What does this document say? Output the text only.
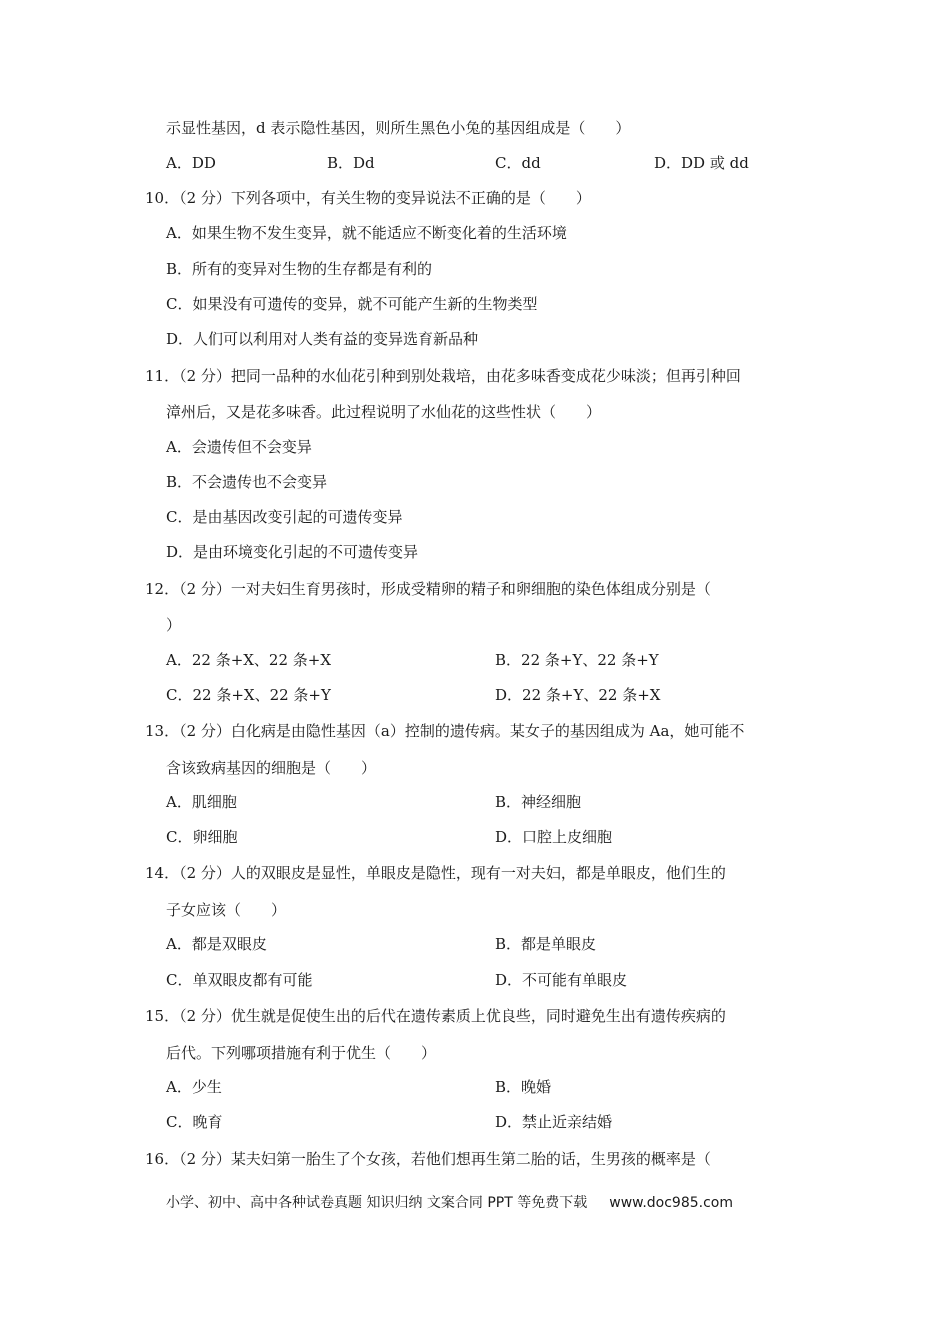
示显性基因，d 表示隐性基因，则所生黑色小兔的基因组成是（　　）
A．DD	B．Dd	C．dd	D．DD 或 dd
10．（2 分）下列各项中，有关生物的变异说法不正确的是（　　）
A．如果生物不发生变异，就不能适应不断变化着的生活环境
B．所有的变异对生物的生存都是有利的
C．如果没有可遗传的变异，就不可能产生新的生物类型
D．人们可以利用对人类有益的变异选育新品种
11．（2 分）把同一品种的水仙花引种到别处栽培，由花多味香变成花少味淡；但再引种回
漳州后，又是花多味香。此过程说明了水仙花的这些性状（　　）
A．会遗传但不会变异
B．不会遗传也不会变异
C．是由基因改变引起的可遗传变异
D．是由环境变化引起的不可遗传变异
12．（2 分）一对夫妇生育男孩时，形成受精卵的精子和卵细胞的染色体组成分别是（
）
A．22 条+X、22 条+X	B．22 条+Y、22 条+Y
C．22 条+X、22 条+Y	D．22 条+Y、22 条+X
13．（2 分）白化病是由隐性基因（a）控制的遗传病。某女子的基因组成为 Aa，她可能不
含该致病基因的细胞是（　　）
A．肌细胞	B．神经细胞
C．卵细胞	D．口腔上皮细胞
14．（2 分）人的双眼皮是显性，单眼皮是隐性，现有一对夫妇，都是单眼皮，他们生的
子女应该（　　）
A．都是双眼皮	B．都是单眼皮
C．单双眼皮都有可能	D．不可能有单眼皮
15．（2 分）优生就是促使生出的后代在遗传素质上优良些，同时避免生出有遗传疾病的
后代。下列哪项措施有利于优生（　　）
A．少生	B．晚婚
C．晚育	D．禁止近亲结婚
16．（2 分）某夫妇第一胎生了个女孩，若他们想再生第二胎的话，生男孩的概率是（
小学、初中、高中各种试卷真题 知识归纳 文案合同 PPT 等免费下载 www.doc985.com
